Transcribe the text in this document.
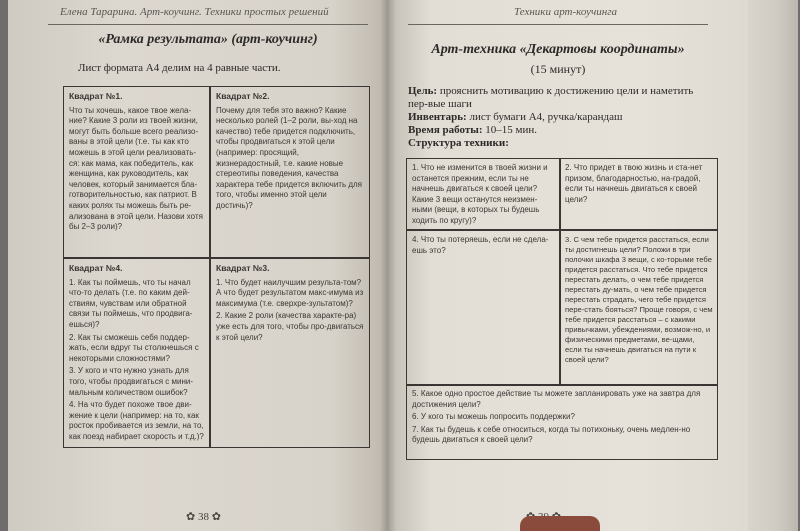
Елена Тарарина. Арт-коучинг. Техники простых решений
«Рамка результата» (арт-коучинг)
Лист формата А4 делим на 4 равные части.
Квадрат №1.
Что ты хочешь, какое твое жела-ние? Какие 3 роли из твоей жизни, могут быть больше всего реализо-ваны в этой цели (т.е. ты как кто можешь в этой цели реализовать-ся: как мама, как победитель, как женщина, как руководитель, как человек, который занимается бла-готворительностью, как патриот. В каких ролях ты можешь быть ре-ализована в этой цели. Назови хотя бы 2–3 роли)?
Квадрат №2.
Почему для тебя это важно? Какие несколько ролей (1–2 роли, вы-ход на качество) тебе придется подключить, чтобы продвигаться к этой цели (например: просящий, жизнерадостный, т.е. какие новые стереотипы поведения, качества характера тебе придется включить для того, чтобы именно этой цели достичь)?
Квадрат №4.
1. Как ты поймешь, что ты начал что-то делать (т.е. по каким дей-ствиям, чувствам или обратной связи ты поймешь, что продвига-ешься)?
2. Как ты сможешь себя поддер-жать, если вдруг ты столкнешься с некоторыми сложностями?
3. У кого и что нужно узнать для того, чтобы продвигаться с мини-мальным количеством ошибок?
4. На что будет похоже твое дви-жение к цели (например: на то, как росток пробивается из земли, на то, как поезд набирает скорость и т.д.)?
Квадрат №3.
1. Что будет наилучшим результа-том? А что будет результатом макс-имума из максимума (т.е. сверхре-зультатом)?
2. Какие 2 роли (качества характе-ра) уже есть для того, чтобы про-двигаться к этой цели?
✿ 38 ✿
Техники арт-коучинга
Арт-техника «Декартовы координаты»
(15 минут)
Цель: прояснить мотивацию к достижению цели и наметить пер-вые шаги
Инвентарь: лист бумаги А4, ручка/карандаш
Время работы: 10–15 мин.
Структура техники:
1. Что не изменится в твоей жизни и останется прежним, если ты не начнешь двигаться к своей цели? Какие 3 вещи останутся неизмен-ными (вещи, в которых ты будешь ходить по кругу)?
2. Что придет в твою жизнь и ста-нет призом, благодарностью, на-градой, если ты начнешь двигаться к своей цели?
4. Что ты потеряешь, если не сдела-ешь это?
3. С чем тебе придется расстаться, если ты достигнешь цели? Положи в три полочки шкафа 3 вещи, с ко-торыми тебе придется расстаться. Что тебе придется перестать делать, о чем тебе придется перестать ду-мать, о чем тебе придется перестать страдать, чего тебе придется пере-стать бояться? Проще говоря, с чем тебе придется расстаться – с какими привычками, убеждениями, возмож-но, и физическими предметами, ве-щами, если ты начнешь двигаться на пути к своей цели?
5. Какое одно простое действие ты можете запланировать уже на завтра для достижения цели?
6. У кого ты можешь попросить поддержки?
7. Как ты будешь к себе относиться, когда ты потихоньку, очень медлен-но будешь двигаться к своей цели?
